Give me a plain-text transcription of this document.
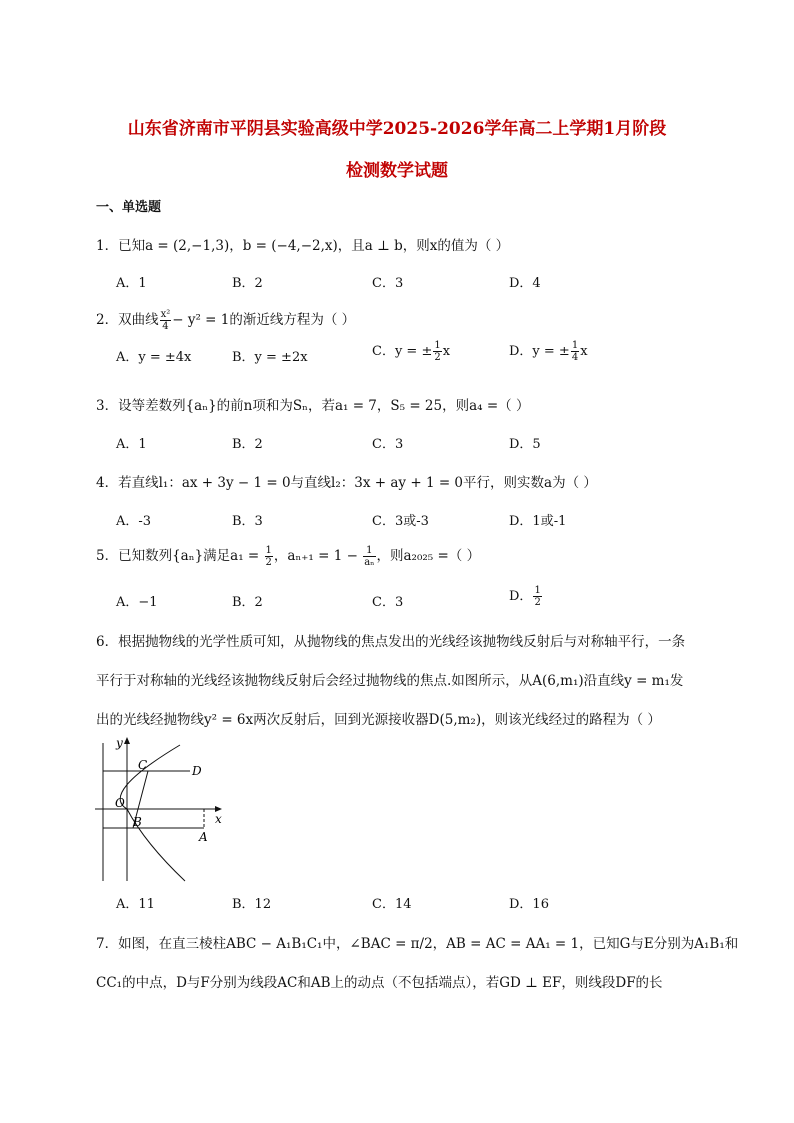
山东省济南市平阴县实验高级中学2025-2026学年高二上学期1月阶段
检测数学试题
一、单选题
1．已知a = (2,−1,3)，b = (−4,−2,x)，且a ⊥ b，则x的值为（ ）
A．1	B．2	C．3	D．4
2．双曲线 $\frac{\text{x²}}{4} - y^2 = 1$的渐近线方程为（ ）
A．y = ±4x	B．y = ±2x	C．y = ± $\frac{1}{2}$ x	D．y = ± $\frac{1}{4}$ x
3．设等差数列{aₙ}的前n项和为Sₙ，若a₁ = 7，S₅ = 25，则a₄ =（ ）
A．1	B．2	C．3	D．5
4．若直线l₁：ax + 3y − 1 = 0与直线l₂：3x + ay + 1 = 0平行，则实数a为（ ）
A．-3	B．3	C．3或-3	D．1或-1
5．已知数列{aₙ}满足$a_1 = \frac{1}{2}$ ，$a_{n+1} = 1 - \frac{1}{\text{aₙ}}$ ，则a₂₀₂₅ =（ ）
A．−1	B．2	C．3	D． $\frac{1}{2}$
6．根据抛物线的光学性质可知，从抛物线的焦点发出的光线经该抛物线反射后与对称轴平行，一条
平行于对称轴的光线经该抛物线反射后会经过抛物线的焦点.如图所示，从A(6,m₁)沿直线y = m₁发
出的光线经抛物线y² = 6x两次反射后，回到光源接收器D(5,m₂)，则该光线经过的路程为（ ）
y
x
O
B
C	D
A
A．11	B．12	C．14	D．16
7．如图，在直三棱柱ABC − A₁B₁C₁中，∠BAC = π/2，AB = AC = AA₁ = 1，已知G与E分别为A₁B₁和
CC₁的中点，D与F分别为线段AC和AB上的动点（不包括端点），若GD ⊥ EF，则线段DF的长
